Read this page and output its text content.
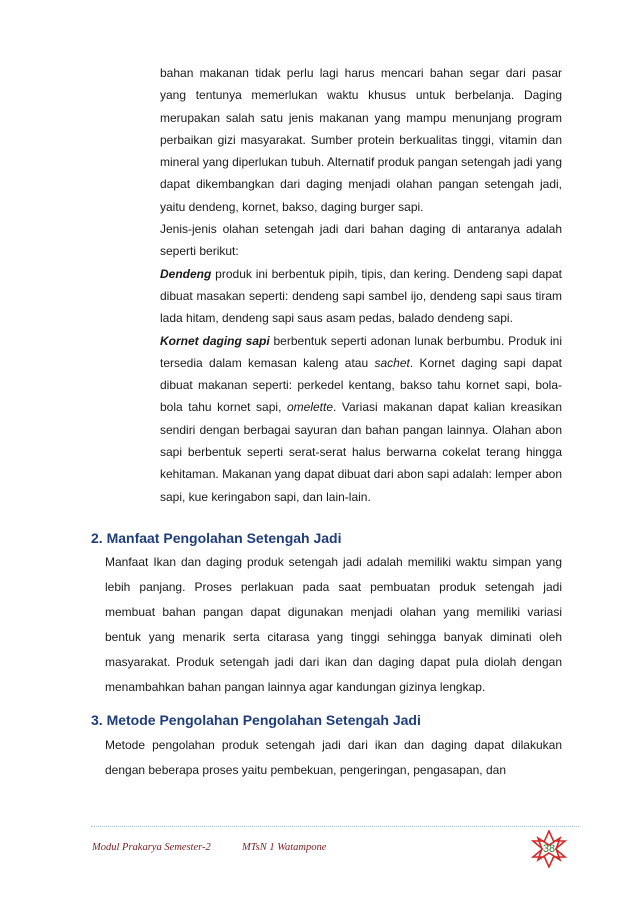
bahan makanan tidak perlu lagi harus mencari bahan segar dari pasar yang tentunya memerlukan waktu khusus untuk berbelanja. Daging merupakan salah satu jenis makanan yang mampu menunjang program perbaikan gizi masyarakat. Sumber protein berkualitas tinggi, vitamin dan mineral yang diperlukan tubuh. Alternatif produk pangan setengah jadi yang dapat dikembangkan dari daging menjadi olahan pangan setengah jadi, yaitu dendeng, kornet, bakso, daging burger sapi.

Jenis-jenis olahan setengah jadi dari bahan daging di antaranya adalah seperti berikut:

Dendeng produk ini berbentuk pipih, tipis, dan kering. Dendeng sapi dapat dibuat masakan seperti: dendeng sapi sambel ijo, dendeng sapi saus tiram lada hitam, dendeng sapi saus asam pedas, balado dendeng sapi.

Kornet daging sapi berbentuk seperti adonan lunak berbumbu. Produk ini tersedia dalam kemasan kaleng atau sachet. Kornet daging sapi dapat dibuat makanan seperti: perkedel kentang, bakso tahu kornet sapi, bola-bola tahu kornet sapi, omelette. Variasi makanan dapat kalian kreasikan sendiri dengan berbagai sayuran dan bahan pangan lainnya. Olahan abon sapi berbentuk seperti serat-serat halus berwarna cokelat terang hingga kehitaman. Makanan yang dapat dibuat dari abon sapi adalah: lemper abon sapi, kue keringabon sapi, dan lain-lain.

2. Manfaat Pengolahan Setengah Jadi

Manfaat Ikan dan daging produk setengah jadi adalah memiliki waktu simpan yang lebih panjang. Proses perlakuan pada saat pembuatan produk setengah jadi membuat bahan pangan dapat digunakan menjadi olahan yang memiliki variasi bentuk yang menarik serta citarasa yang tinggi sehingga banyak diminati oleh masyarakat. Produk setengah jadi dari ikan dan daging dapat pula diolah dengan menambahkan bahan pangan lainnya agar kandungan gizinya lengkap.

3. Metode Pengolahan Pengolahan Setengah Jadi

Metode pengolahan produk setengah jadi dari ikan dan daging dapat dilakukan dengan beberapa proses yaitu pembekuan, pengeringan, pengasapan, dan

Modul Prakarya Semester-2	MTsN 1 Watampone	38
